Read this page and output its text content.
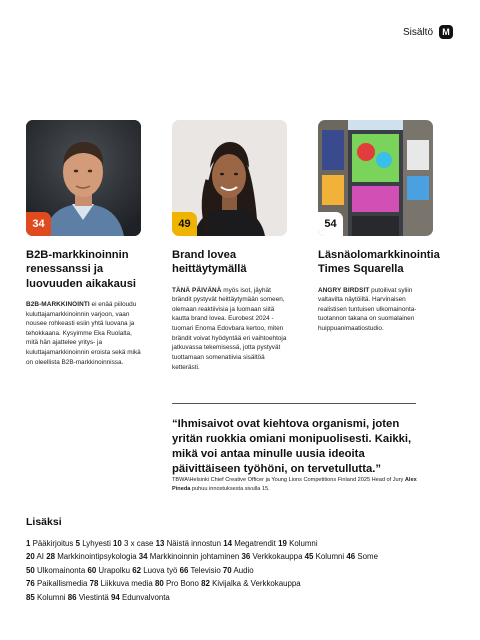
Sisältö	M
34
B2B-markkinoinnin renessanssi ja luovuuden aikakausi
B2B-MARKKINOINTI ei enää piiloudu kuluttajamarkkinoinnin varjoon, vaan nousee rohkeasti esiin yhtä luovana ja tehokkaana. Kysyimme Eka Ruolalta, mitä hän ajattelee yritys- ja kuluttajamarkkinoinnin eroista sekä mikä on oleellista B2B-markkinoinnissa.
49
Brand lovea heittäytymällä
TÄNÄ PÄIVÄNÄ myös isot, jäyhät brändit pystyvät heittäytymään someen, olemaan reaktiivisia ja luomaan siitä kautta brand lovea. Eurobest 2024 -tuomari Enoma Edovbara kertoo, miten brändit voivat hyödyntää eri vaihtoehtoja jatkuvassa tekemisessä, jotta pystyvät tuottamaan somenatiivia sisältöä ketterästi.
54
Läsnäolomarkkinointia Times Squarella
ANGRY BIRDSIT putoilivat syliin valtavilta näytöiltä. Harvinaisen realistisen tuntuisen ulkomainonta-tuotannon takana on suomalainen huippuanimaatiostudio.
“Ihmisaivot ovat kiehtova organismi, joten yritän ruokkia omiani monipuolisesti. Kaikki, mikä voi antaa minulle uusia ideoita päivittäiseen työhöni, on tervetullutta.”
TBWA\Helsinki Chief Creative Officer ja Young Lions Competitions Finland 2025 Head of Jury Alex Pineda puhuu innostuksesta sivulla 15.
Lisäksi
1 Pääkirjoitus 5 Lyhyesti 10 3 x case 13 Näistä innostun 14 Megatrendit 19 Kolumni
20 AI 28 Markkinointipsykologia 34 Markkinoinnin johtaminen 36 Verkkokauppa 45 Kolumni 46 Some
50 Ulkomainonta 60 Urapolku 62 Luova työ 66 Televisio 70 Audio
76 Paikallismedia 78 Liikkuva media 80 Pro Bono 82 Kivijalka & Verkkokauppa
85 Kolumni 86 Viestintä 94 Edunvalvonta
